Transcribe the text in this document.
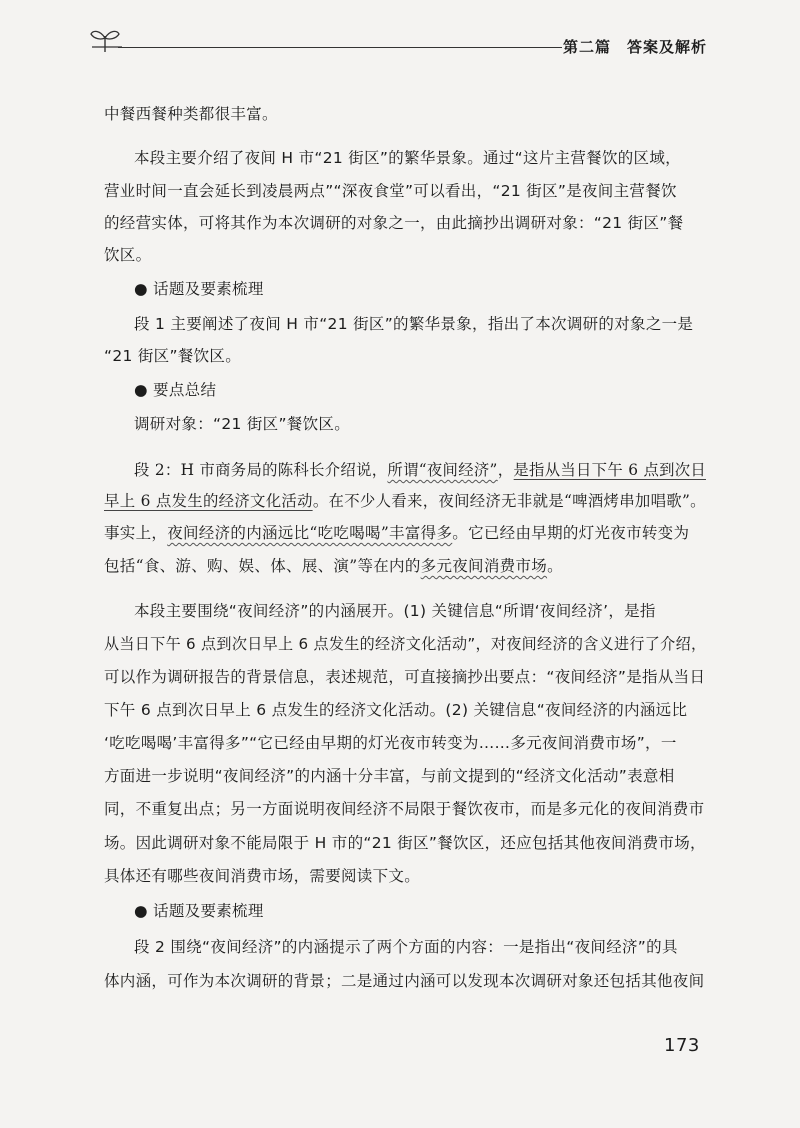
第二篇　答案及解析
中餐西餐种类都很丰富。
本段主要介绍了夜间 H 市“21 街区”的繁华景象。通过“这片主营餐饮的区域，
营业时间一直会延长到凌晨两点”“深夜食堂”可以看出，“21 街区”是夜间主营餐饮
的经营实体，可将其作为本次调研的对象之一，由此摘抄出调研对象：“21 街区”餐
饮区。
● 话题及要素梳理
段 1 主要阐述了夜间 H 市“21 街区”的繁华景象，指出了本次调研的对象之一是
“21 街区”餐饮区。
● 要点总结
调研对象：“21 街区”餐饮区。
段 2：H 市商务局的陈科长介绍说，所谓“夜间经济”，是指从当日下午 6 点到次日
早上 6 点发生的经济文化活动。在不少人看来，夜间经济无非就是“啤酒烤串加唱歌”。
事实上，夜间经济的内涵远比“吃吃喝喝”丰富得多。它已经由早期的灯光夜市转变为
包括“食、游、购、娱、体、展、演”等在内的多元夜间消费市场。
本段主要围绕“夜间经济”的内涵展开。(1) 关键信息“所谓‘夜间经济’，是指
从当日下午 6 点到次日早上 6 点发生的经济文化活动”，对夜间经济的含义进行了介绍，
可以作为调研报告的背景信息，表述规范，可直接摘抄出要点：“夜间经济”是指从当日
下午 6 点到次日早上 6 点发生的经济文化活动。(2) 关键信息“夜间经济的内涵远比
‘吃吃喝喝’丰富得多”“它已经由早期的灯光夜市转变为……多元夜间消费市场”，一
方面进一步说明“夜间经济”的内涵十分丰富，与前文提到的“经济文化活动”表意相
同，不重复出点；另一方面说明夜间经济不局限于餐饮夜市，而是多元化的夜间消费市
场。因此调研对象不能局限于 H 市的“21 街区”餐饮区，还应包括其他夜间消费市场，
具体还有哪些夜间消费市场，需要阅读下文。
● 话题及要素梳理
段 2 围绕“夜间经济”的内涵提示了两个方面的内容：一是指出“夜间经济”的具
体内涵，可作为本次调研的背景；二是通过内涵可以发现本次调研对象还包括其他夜间
173
